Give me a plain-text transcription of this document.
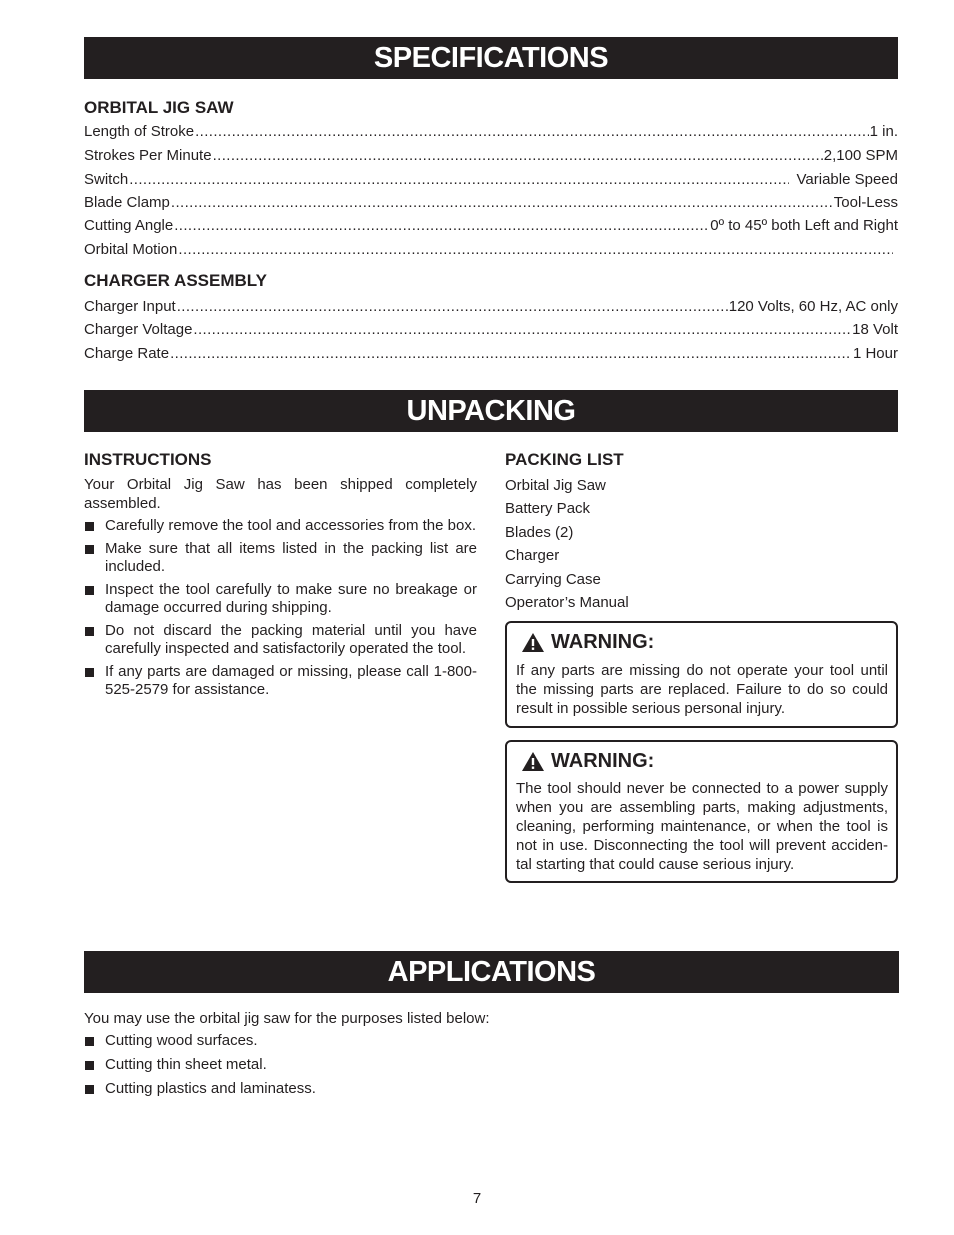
SPECIFICATIONS
ORBITAL JIG SAW
Length of Stroke .....	1 in.
Strokes Per Minute .....	2,100 SPM
Switch .....	Variable Speed
Blade Clamp .....	Tool-Less
Cutting Angle .....	0º to 45º both Left and Right
Orbital Motion
.....
CHARGER ASSEMBLY
Charger Input .....	120 Volts, 60 Hz, AC only
Charger Voltage .....	18 Volt
Charge Rate .....	1 Hour
UNPACKING
INSTRUCTIONS
Your Orbital Jig Saw has been shipped completely assembled.
Carefully remove the tool and accessories from the box.
Make sure that all items listed in the packing list are included.
Inspect the tool carefully to make sure no breakage or damage occurred during shipping.
Do not discard the packing material until you have carefully inspected and satisfactorily operated the tool.
If any parts are damaged or missing, please call 1-800-525-2579 for assistance.
PACKING LIST
Orbital Jig Saw
Battery Pack
Blades (2)
Charger
Carrying Case
Operator’s Manual
WARNING:
If any parts are missing do not operate your tool until the missing parts are replaced. Failure to do so could result in possible serious personal injury.
WARNING:
The tool should never be connected to a power supply when you are assembling parts, making adjustments, cleaning, performing maintenance, or when the tool is not in use. Disconnecting the tool will prevent acciden- tal starting that could cause serious injury.
APPLICATIONS
You may use the orbital jig saw for the purposes listed below:
Cutting wood surfaces.
Cutting thin sheet metal.
Cutting plastics and laminatess.
7
